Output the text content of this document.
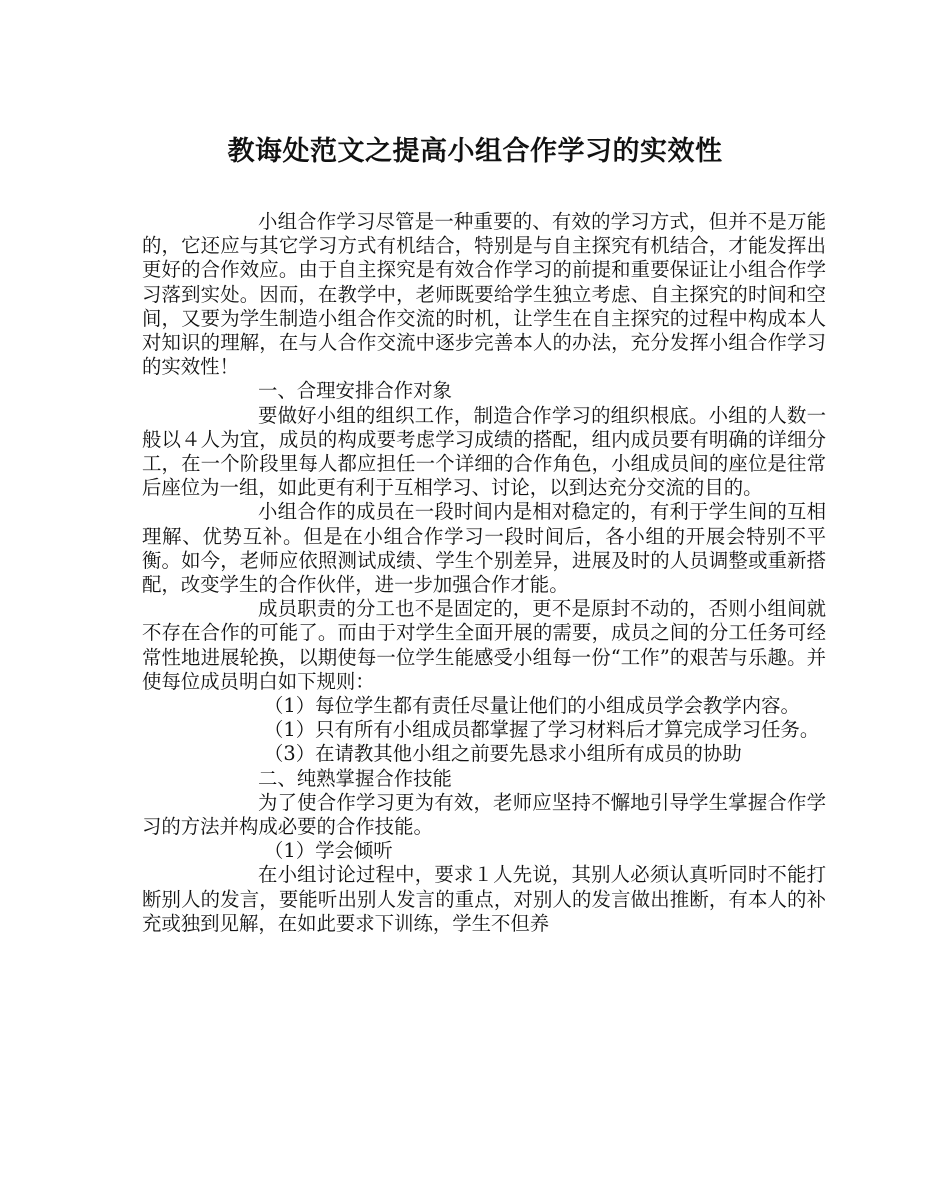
教诲处范文之提高小组合作学习的实效性

小组合作学习尽管是一种重要的、有效的学习方式，但并不是万能的，它还应与其它学习方式有机结合，特别是与自主探究有机结合，才能发挥出更好的合作效应。由于自主探究是有效合作学习的前提和重要保证让小组合作学习落到实处。因而，在教学中，老师既要给学生独立考虑、自主探究的时间和空间，又要为学生制造小组合作交流的时机，让学生在自主探究的过程中构成本人对知识的理解，在与人合作交流中逐步完善本人的办法，充分发挥小组合作学习的实效性！

一、合理安排合作对象

要做好小组的组织工作，制造合作学习的组织根底。小组的人数一般以４人为宜，成员的构成要考虑学习成绩的搭配，组内成员要有明确的详细分工，在一个阶段里每人都应担任一个详细的合作角色，小组成员间的座位是往常后座位为一组，如此更有利于互相学习、讨论，以到达充分交流的目的。

小组合作的成员在一段时间内是相对稳定的，有利于学生间的互相理解、优势互补。但是在小组合作学习一段时间后，各小组的开展会特别不平衡。如今，老师应依照测试成绩、学生个别差异，进展及时的人员调整或重新搭配，改变学生的合作伙伴，进一步加强合作才能。

成员职责的分工也不是固定的，更不是原封不动的，否则小组间就不存在合作的可能了。而由于对学生全面开展的需要，成员之间的分工任务可经常性地进展轮换，以期使每一位学生能感受小组每一份“工作”的艰苦与乐趣。并使每位成员明白如下规则：

（1）每位学生都有责任尽量让他们的小组成员学会教学内容。

（1）只有所有小组成员都掌握了学习材料后才算完成学习任务。

（3）在请教其他小组之前要先恳求小组所有成员的协助

二、纯熟掌握合作技能

为了使合作学习更为有效，老师应坚持不懈地引导学生掌握合作学习的方法并构成必要的合作技能。

（1）学会倾听

在小组讨论过程中，要求１人先说，其别人必须认真听同时不能打断别人的发言，要能听出别人发言的重点，对别人的发言做出推断，有本人的补充或独到见解，在如此要求下训练，学生不但养
